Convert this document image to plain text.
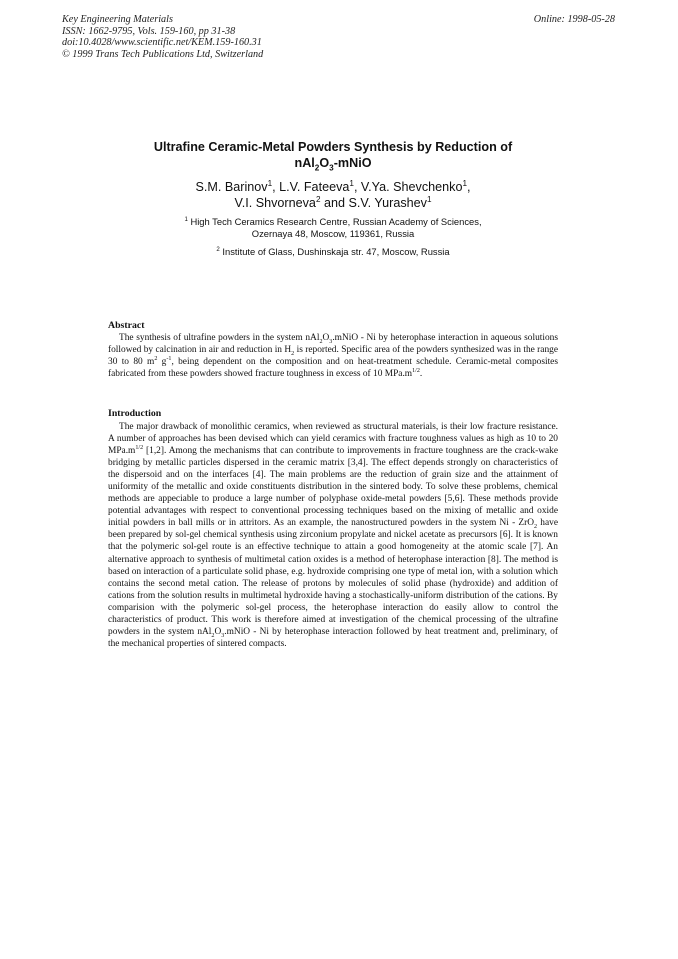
Key Engineering Materials
ISSN: 1662-9795, Vols. 159-160, pp 31-38
doi:10.4028/www.scientific.net/KEM.159-160.31
© 1999 Trans Tech Publications Ltd, Switzerland
Online: 1998-05-28
Ultrafine Ceramic-Metal Powders Synthesis by Reduction of
$nAl_2O_3$-mNiO
S.M. Barinov$^1$, L.V. Fateeva$^1$, V.Ya. Shevchenko$^1$,
V.I. Shvorneva$^2$ and S.V. Yurashev$^1$
$^1$ High Tech Ceramics Research Centre, Russian Academy of Sciences,
Ozernaya 48, Moscow, 119361, Russia
$^2$ Institute of Glass, Dushinskaja str. 47, Moscow, Russia
Abstract

The synthesis of ultrafine powders in the system $nAl_2O_3.mNiO$ - Ni by heterophase interaction in aqueous solutions followed by calcination in air and reduction in $H_2$ is reported. Specific area of the powders synthesized was in the range 30 to 80 $m^2$ $g^{-1}$, being dependent on the composition and on heat-treatment schedule. Ceramic-metal composites fabricated from these powders showed fracture toughness in excess of 10 $MPa.m^{1/2}$.

Introduction

The major drawback of monolithic ceramics, when reviewed as structural materials, is their low fracture resistance. A number of approaches has been devised which can yield ceramics with fracture toughness values as high as 10 to 20 $MPa.m^{1/2}$ [1,2]. Among the mechanisms that can contribute to improvements in fracture toughness are the crack-wake bridging by metallic particles dispersed in the ceramic matrix [3,4]. The effect depends strongly on characteristics of the dispersoid and on the interfaces [4]. The main problems are the reduction of grain size and the attainment of uniformity of the metallic and oxide constituents distribution in the sintered body. To solve these problems, chemical methods are appeciable to produce a large number of polyphase oxide-metal powders [5,6]. These methods provide potential advantages with respect to conventional processing techniques based on the mixing of metallic and oxide initial powders in ball mills or in attritors. As an example, the nanostructured powders in the system Ni - ZrO$_2$ have been prepared by sol-gel chemical synthesis using zirconium propylate and nickel acetate as precursors [6]. It is known that the polymeric sol-gel route is an effective technique to attain a good homogeneity at the atomic scale [7]. An alternative approach to synthesis of multimetal cation oxides is a method of heterophase interaction [8]. The method is based on interaction of a particulate solid phase, e.g. hydroxide comprising one type of metal ion, with a solution which contains the second metal cation. The release of protons by molecules of solid phase (hydroxide) and addition of cations from the solution results in multimetal hydroxide having a stochastically-uniform distribution of the cations. By comparision with the polymeric sol-gel process, the heterophase interaction do easily allow to control the characteristics of product. This work is therefore aimed at investigation of the chemical processing of the ultrafine powders in the system $nAl_2O_3.mNiO$ - Ni by heterophase interaction followed by heat treatment and, preliminary, of the mechanical properties of sintered compacts.
